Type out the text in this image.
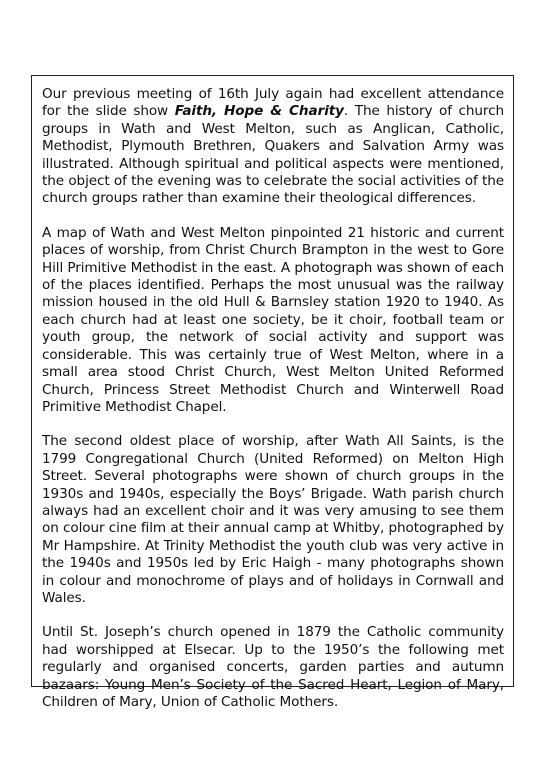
Our previous meeting of 16th July again had excellent attendance for the slide show Faith, Hope & Charity. The history of church groups in Wath and West Melton, such as Anglican, Catholic, Methodist, Plymouth Brethren, Quakers and Salvation Army was illustrated. Although spiritual and political aspects were mentioned, the object of the evening was to celebrate the social activities of the church groups rather than examine their theological differences.

A map of Wath and West Melton pinpointed 21 historic and current places of worship, from Christ Church Brampton in the west to Gore Hill Primitive Methodist in the east. A photograph was shown of each of the places identified. Perhaps the most unusual was the railway mission housed in the old Hull & Barnsley station 1920 to 1940. As each church had at least one society, be it choir, football team or youth group, the network of social activity and support was considerable. This was certainly true of West Melton, where in a small area stood Christ Church, West Melton United Reformed Church, Princess Street Methodist Church and Winterwell Road Primitive Methodist Chapel.

The second oldest place of worship, after Wath All Saints, is the 1799 Congregational Church (United Reformed) on Melton High Street. Several photographs were shown of church groups in the 1930s and 1940s, especially the Boys’ Brigade. Wath parish church always had an excellent choir and it was very amusing to see them on colour cine film at their annual camp at Whitby, photographed by Mr Hampshire. At Trinity Methodist the youth club was very active in the 1940s and 1950s led by Eric Haigh - many photographs shown in colour and monochrome of plays and of holidays in Cornwall and Wales.

Until St. Joseph’s church opened in 1879 the Catholic community had worshipped at Elsecar. Up to the 1950’s the following met regularly and organised concerts, garden parties and autumn bazaars: Young Men’s Society of the Sacred Heart, Legion of Mary, Children of Mary, Union of Catholic Mothers.
